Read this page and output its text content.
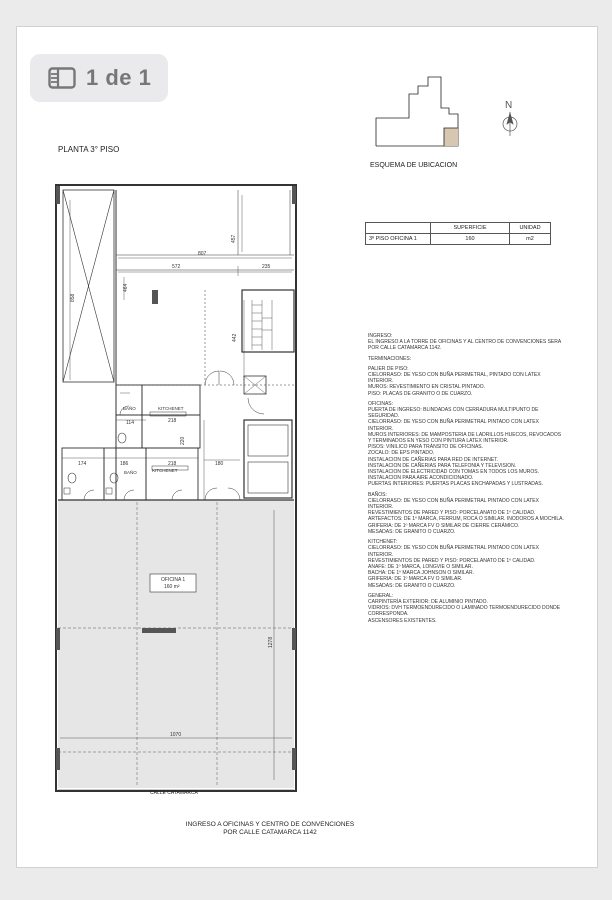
N
807
457
572	235
858
464
442
114	218
174	186	218
220
180
1278
1070
BAÑO	KITCHENET
BAÑO	KITCHENET
OFICINA 1
160 m²
1 de 1
PLANTA 3° PISO
ESQUEMA DE UBICACION
	SUPERFICIE	UNIDAD
3º PISO OFICINA 1	160	m2

INGRESO:
EL INGRESO A LA TORRE DE OFICINAS Y AL CENTRO DE CONVENCIONES SERA POR CALLE CATAMARCA 1142.

TERMINACIONES:

PALIER DE PISO:
CIELORRASO: DE YESO CON BUÑA PERIMETRAL, PINTADO CON LATEX INTERIOR.
MUROS: REVESTIMIENTO EN CRISTAL PINTADO.
PISO: PLACAS DE GRANITO O DE CUARZO.

OFICINAS:
PUERTA DE INGRESO: BLINDADAS CON CERRADURA MULTIPUNTO DE SEGURIDAD.
CIELORRASO: DE YESO CON BUÑA PERIMETRAL PINTADO CON LATEX INTERIOR.
MUROS INTERIORES: DE MAMPOSTERIA DE LADRILLOS HUECOS, REVOCADOS Y TERMINADOS EN YESO CON PINTURA LATEX INTERIOR.
PISOS: VINILICO PARA TRÁNSITO DE OFICINAS.
ZOCALO: DE EPS PINTADO.
INSTALACION DE CAÑERIAS PARA RED DE INTERNET.
INSTALACION DE CAÑERIAS PARA TELEFONIA Y TELEVISION.
INSTALACION DE ELECTRICIDAD CON TOMAS EN TODOS LOS MUROS.
INSTALACION PARA AIRE ACONDICIONADO.
PUERTAS INTERIORES: PUERTAS PLACAS ENCHAPADAS Y LUSTRADAS.

BAÑOS:
CIELORRASO: DE YESO CON BUÑA PERIMETRAL PINTADO CON LATEX INTERIOR.
REVESTIMIENTOS DE PARED Y PISO: PORCELANATO DE 1º CALIDAD.
ARTEFACTOS: DE 1º MARCA, FERRUM, ROCA O SIMILAR. INODOROS A MOCHILA.
GRIFERIA: DE 1º MARCA FV O SIMILAR DE CIERRE CERÁMICO.
MESADAS: DE GRANITO O CUARZO.

KITCHENET:
CIELORRASO: DE YESO CON BUÑA PERIMETRAL PINTADO CON LATEX INTERIOR.
REVESTIMIENTOS DE PARED Y PISO: PORCELANATO DE 1º CALIDAD.
ANAFE: DE 1º MARCA, LONGVIE O SIMILAR.
BACHA: DE 1º MARCA JOHNSON O SIMILAR.
GRIFERIA: DE 1º MARCA FV O SIMILAR.
MESADAS: DE GRANITO O CUARZO.

GENERAL:
CARPINTERÍA EXTERIOR: DE ALUMINIO PINTADO.
VIDRIOS: DVH TERMOENDURECIDO O LAMINADO TERMOENDURECIDO DONDE CORRESPONDA.
ASCENSORES EXISTENTES.

CALLE CATAMARCA
INGRESO A OFICINAS Y CENTRO DE CONVENCIONES
POR CALLE CATAMARCA 1142
